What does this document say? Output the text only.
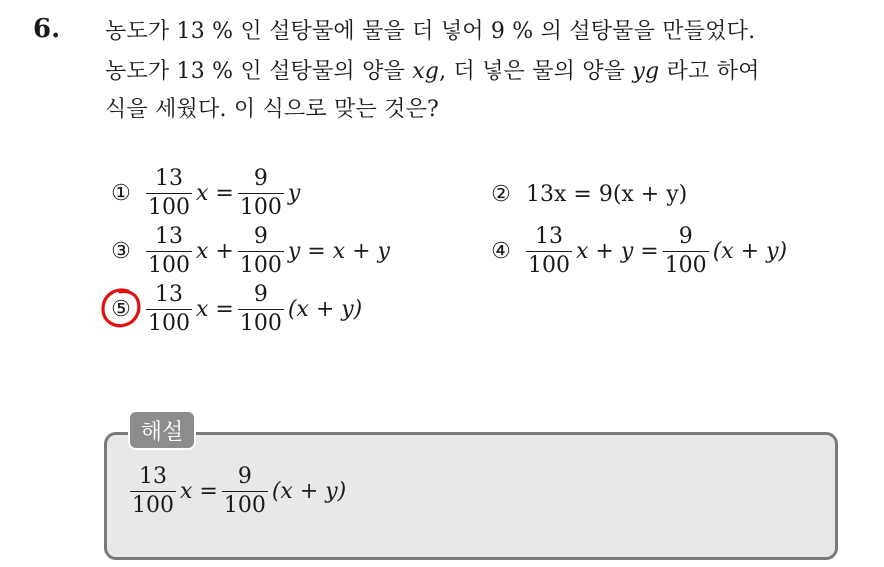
6. 농도가 13 % 인 설탕물에 물을 더 넣어 9 % 의 설탕물을 만들었다.
농도가 13 % 인 설탕물의 양을 xg, 더 넣은 물의 양을 yg 라고 하여
식을 세웠다. 이 식으로 맞는 것은?
① $\frac{13}{100}$ $x = \frac{9}{100}$ y	② 13x = 9(x + y)
③ $\frac{13}{100}$ $x + \frac{9}{100}$ y = x + y	④ $\frac{13}{100}$ $x + y = \frac{9}{100} (x + y)$
⑤ $\frac{13}{100}$ $x = \frac{9}{100} (x + y)$
해설
$\frac{13}{100}$ $x = \frac{9}{100} (x + y)$
